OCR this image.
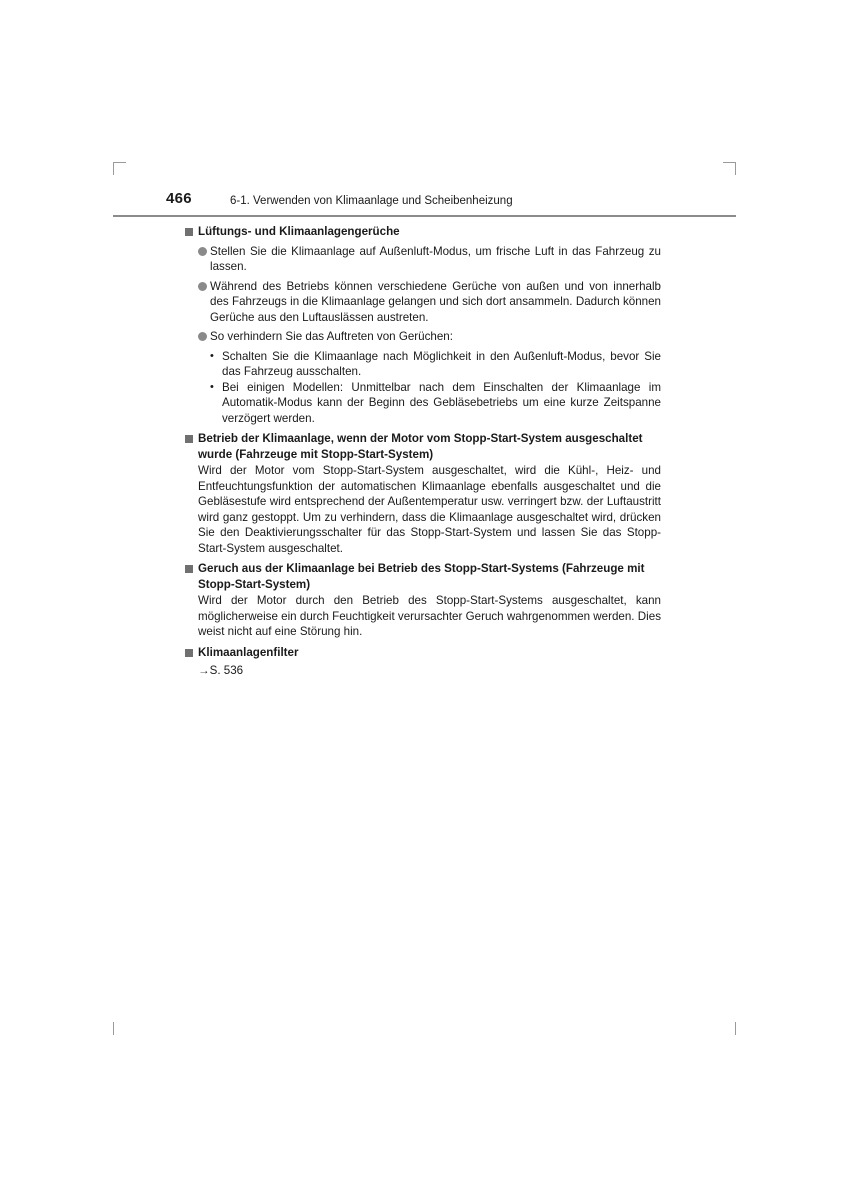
466	6-1. Verwenden von Klimaanlage und Scheibenheizung
Lüftungs- und Klimaanlagengerüche
Stellen Sie die Klimaanlage auf Außenluft-Modus, um frische Luft in das Fahrzeug zu lassen.
Während des Betriebs können verschiedene Gerüche von außen und von innerhalb des Fahrzeugs in die Klimaanlage gelangen und sich dort ansammeln. Dadurch können Gerüche aus den Luftauslässen austreten.
So verhindern Sie das Auftreten von Gerüchen:
• Schalten Sie die Klimaanlage nach Möglichkeit in den Außenluft-Modus, bevor Sie das Fahrzeug ausschalten.
• Bei einigen Modellen: Unmittelbar nach dem Einschalten der Klimaanlage im Automatik-Modus kann der Beginn des Gebläsebetriebs um eine kurze Zeitspanne verzögert werden.
Betrieb der Klimaanlage, wenn der Motor vom Stopp-Start-System ausgeschaltet wurde (Fahrzeuge mit Stopp-Start-System)
Wird der Motor vom Stopp-Start-System ausgeschaltet, wird die Kühl-, Heiz- und Entfeuchtungsfunktion der automatischen Klimaanlage ebenfalls ausgeschaltet und die Gebläsestufe wird entsprechend der Außentemperatur usw. verringert bzw. der Luftaustritt wird ganz gestoppt. Um zu verhindern, dass die Klimaanlage ausgeschaltet wird, drücken Sie den Deaktivierungsschalter für das Stopp-Start-System und lassen Sie das Stopp-Start-System ausgeschaltet.
Geruch aus der Klimaanlage bei Betrieb des Stopp-Start-Systems (Fahrzeuge mit Stopp-Start-System)
Wird der Motor durch den Betrieb des Stopp-Start-Systems ausgeschaltet, kann möglicherweise ein durch Feuchtigkeit verursachter Geruch wahrgenommen werden. Dies weist nicht auf eine Störung hin.
Klimaanlagenfilter
→S. 536
